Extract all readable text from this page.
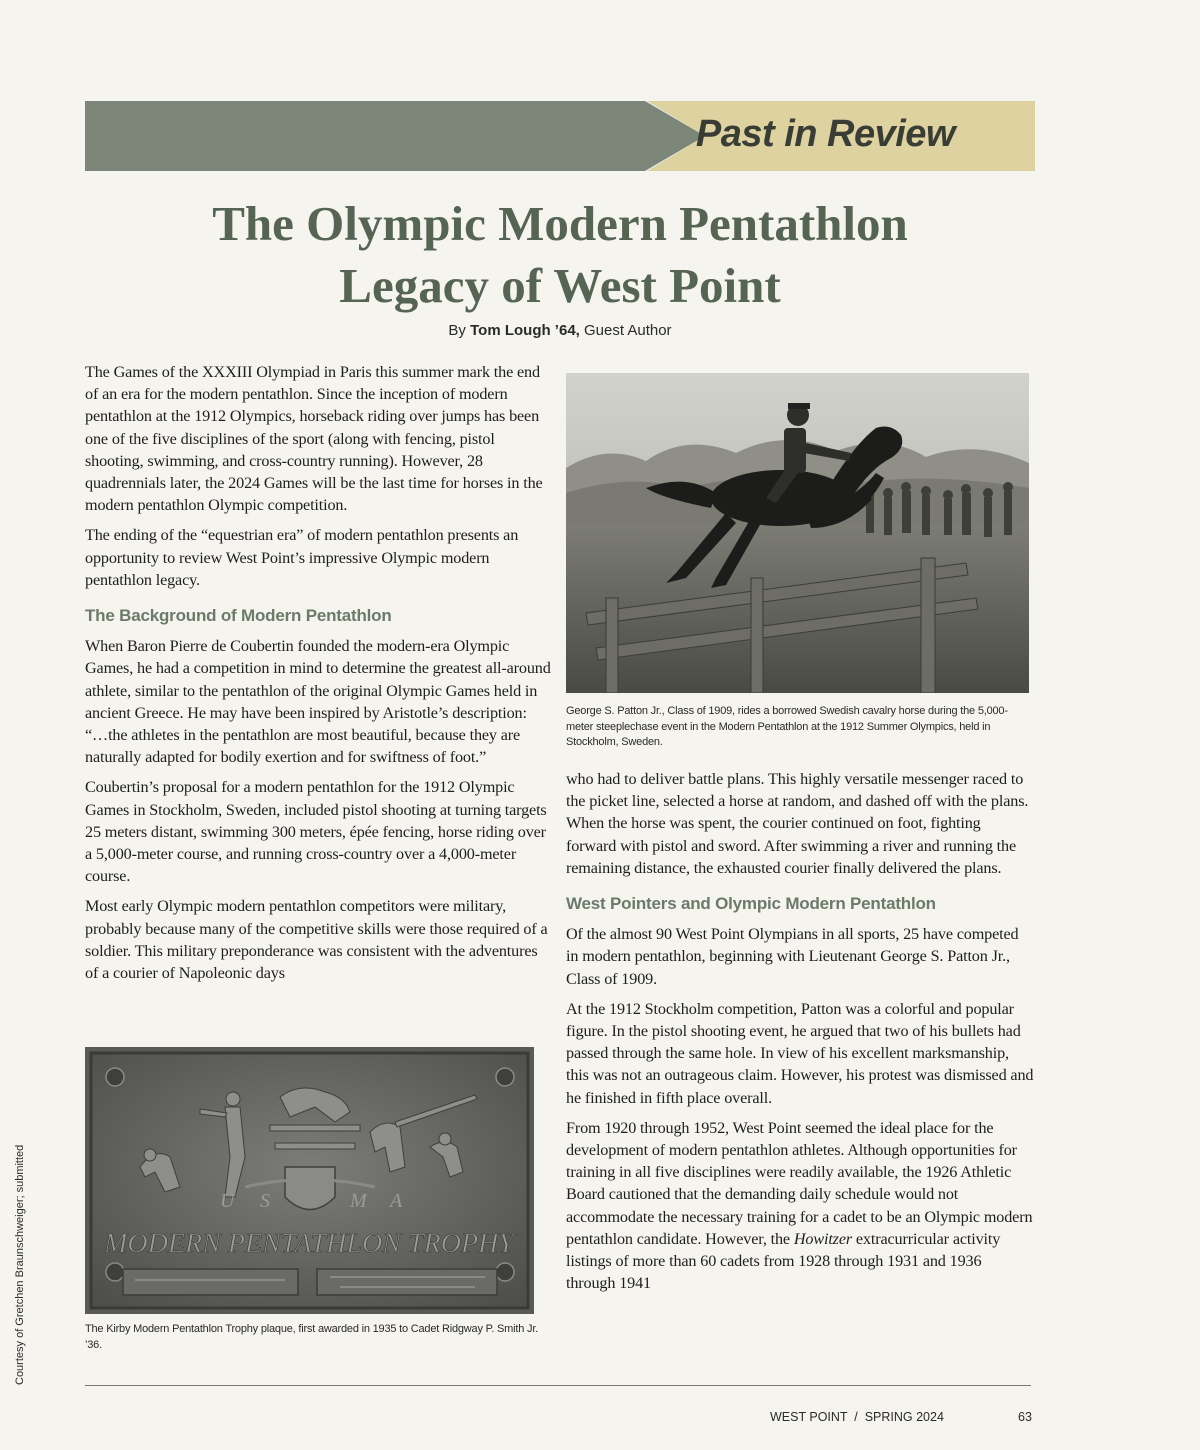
Past in Review
The Olympic Modern Pentathlon
Legacy of West Point
By Tom Lough ’64, Guest Author

The Games of the XXXIII Olympiad in Paris this summer mark the end of an era for the modern pentathlon. Since the inception of modern pentathlon at the 1912 Olympics, horseback riding over jumps has been one of the five disciplines of the sport (along with fencing, pistol shooting, swimming, and cross-country running). However, 28 quadrennials later, the 2024 Games will be the last time for horses in the modern pentathlon Olympic competition.

The ending of the “equestrian era” of modern pentathlon presents an opportunity to review West Point’s impressive Olympic modern pentathlon legacy.

The Background of Modern Pentathlon

When Baron Pierre de Coubertin founded the modern-era Olympic Games, he had a competition in mind to determine the greatest all-around athlete, similar to the pentathlon of the original Olympic Games held in ancient Greece. He may have been inspired by Aristotle’s description: “…the athletes in the pentathlon are most beautiful, because they are naturally adapted for bodily exertion and for swiftness of foot.”

Coubertin’s proposal for a modern pentathlon for the 1912 Olympic Games in Stockholm, Sweden, included pistol shooting at turning targets 25 meters distant, swimming 300 meters, épée fencing, horse riding over a 5,000-meter course, and running cross-country over a 4,000-meter course.

Most early Olympic modern pentathlon competitors were military, probably because many of the competitive skills were those required of a soldier. This military preponderance was consistent with the adventures of a courier of Napoleonic days

George S. Patton Jr., Class of 1909, rides a borrowed Swedish cavalry horse during the 5,000-meter steeplechase event in the Modern Pentathlon at the 1912 Summer Olympics, held in Stockholm, Sweden.

who had to deliver battle plans. This highly versatile messenger raced to the picket line, selected a horse at random, and dashed off with the plans. When the horse was spent, the courier continued on foot, fighting forward with pistol and sword. After swimming a river and running the remaining distance, the exhausted courier finally delivered the plans.

West Pointers and Olympic Modern Pentathlon

Of the almost 90 West Point Olympians in all sports, 25 have competed in modern pentathlon, beginning with Lieutenant George S. Patton Jr., Class of 1909.

At the 1912 Stockholm competition, Patton was a colorful and popular figure. In the pistol shooting event, he argued that two of his bullets had passed through the same hole. In view of his excellent marksmanship, this was not an outrageous claim. However, his protest was dismissed and he finished in fifth place overall.

From 1920 through 1952, West Point seemed the ideal place for the development of modern pentathlon athletes. Although opportunities for training in all five disciplines were readily available, the 1926 Athletic Board cautioned that the demanding daily schedule would not accommodate the necessary training for a cadet to be an Olympic modern pentathlon candidate. However, the Howitzer extracurricular activity listings of more than 60 cadets from 1928 through 1931 and 1936 through 1941

U S	M A
MODERN PENTATHLON TROPHY
The Kirby Modern Pentathlon Trophy plaque, first awarded in 1935 to Cadet Ridgway P. Smith Jr. ’36.
Courtesy of Gretchen Braunschweiger; submitted
WEST POINT  /  SPRING 2024	63
